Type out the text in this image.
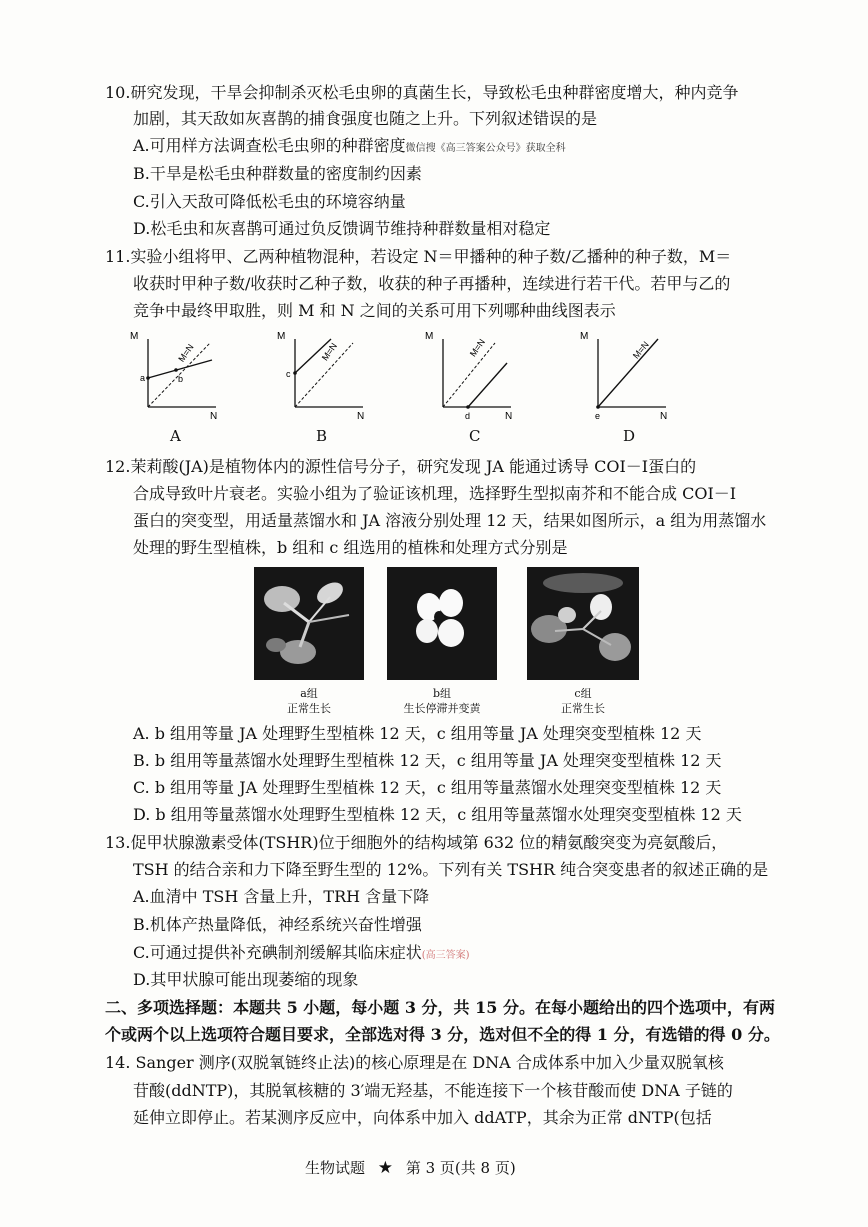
10.研究发现，干旱会抑制杀灭松毛虫卵的真菌生长，导致松毛虫种群密度增大，种内竞争
加剧，其天敌如灰喜鹊的捕食强度也随之上升。下列叙述错误的是
A.可用样方法调查松毛虫卵的种群密度微信搜《高三答案公众号》获取全科
B.干旱是松毛虫种群数量的密度制约因素
C.引入天敌可降低松毛虫的环境容纳量
D.松毛虫和灰喜鹊可通过负反馈调节维持种群数量相对稳定
11.实验小组将甲、乙两种植物混种，若设定 N＝甲播种的种子数/乙播种的种子数，M＝
收获时甲种子数/收获时乙种子数，收获的种子再播种，连续进行若干代。若甲与乙的
竞争中最终甲取胜，则 M 和 N 之间的关系可用下列哪种曲线图表示
M
N
M=N
a	b
A
M
N
M=N
c
B
M
N
M=N
d
C
M
N
M=N
e
D
12.茉莉酸(JA)是植物体内的源性信号分子，研究发现 JA 能通过诱导 COI－Ⅰ蛋白的
合成导致叶片衰老。实验小组为了验证该机理，选择野生型拟南芥和不能合成 COI－Ⅰ
蛋白的突变型，用适量蒸馏水和 JA 溶液分别处理 12 天，结果如图所示，a 组为用蒸馏水
处理的野生型植株，b 组和 c 组选用的植株和处理方式分别是
a组
正常生长
b组
生长停滞并变黄
c组
正常生长
A. b 组用等量 JA 处理野生型植株 12 天，c 组用等量 JA 处理突变型植株 12 天
B. b 组用等量蒸馏水处理野生型植株 12 天，c 组用等量 JA 处理突变型植株 12 天
C. b 组用等量 JA 处理野生型植株 12 天，c 组用等量蒸馏水处理突变型植株 12 天
D. b 组用等量蒸馏水处理野生型植株 12 天，c 组用等量蒸馏水处理突变型植株 12 天
13.促甲状腺激素受体(TSHR)位于细胞外的结构域第 632 位的精氨酸突变为亮氨酸后，
TSH 的结合亲和力下降至野生型的 12%。下列有关 TSHR 纯合突变患者的叙述正确的是
A.血清中 TSH 含量上升，TRH 含量下降
B.机体产热量降低，神经系统兴奋性增强
C.可通过提供补充碘制剂缓解其临床症状(高三答案)
D.其甲状腺可能出现萎缩的现象
二、多项选择题：本题共 5 小题，每小题 3 分，共 15 分。在每小题给出的四个选项中，有两
个或两个以上选项符合题目要求，全部选对得 3 分，选对但不全的得 1 分，有选错的得 0 分。
14. Sanger 测序(双脱氧链终止法)的核心原理是在 DNA 合成体系中加入少量双脱氧核
苷酸(ddNTP)，其脱氧核糖的 3′端无羟基，不能连接下一个核苷酸而使 DNA 子链的
延伸立即停止。若某测序反应中，向体系中加入 ddATP，其余为正常 dNTP(包括
生物试题 ★ 第 3 页(共 8 页)
